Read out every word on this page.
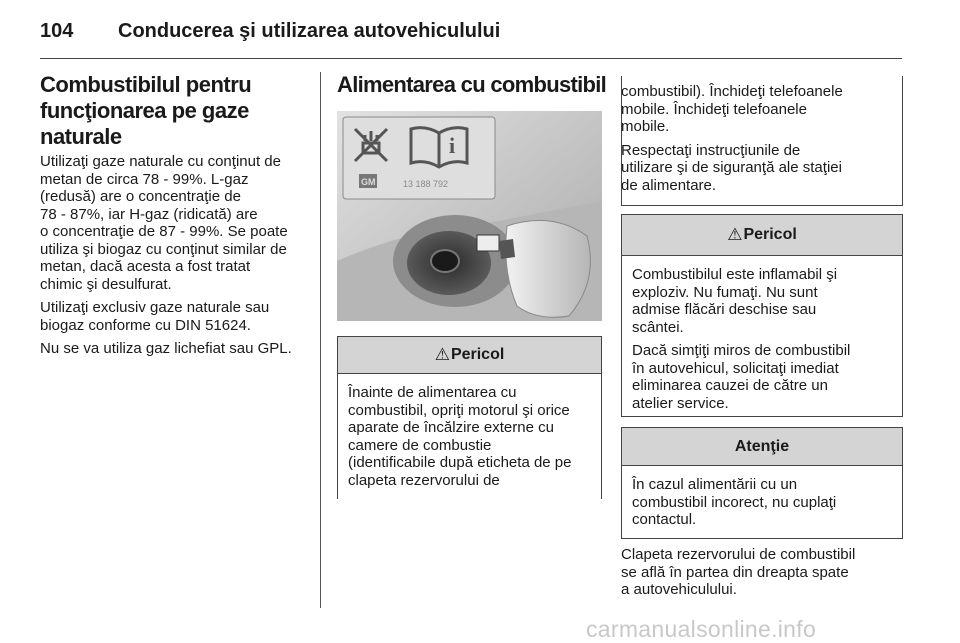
104 Conducerea şi utilizarea autovehiculului
Combustibilul pentru funcţionarea pe gaze naturale
Utilizaţi gaze naturale cu conţinut de
metan de circa 78 - 99%. L-gaz
(redusă) are o concentraţie de
78 - 87%, iar H-gaz (ridicată) are
o concentraţie de 87 - 99%. Se poate
utiliza şi biogaz cu conţinut similar de
metan, dacă acesta a fost tratat
chimic şi desulfurat.
Utilizaţi exclusiv gaze naturale sau
biogaz conforme cu DIN 51624.
Nu se va utiliza gaz lichefiat sau GPL.
Alimentarea cu combustibil
i
GM	13 188 792
⚠ Pericol
Înainte de alimentarea cu
combustibil, opriţi motorul şi orice
aparate de încălzire externe cu
camere de combustie
(identificabile după eticheta de pe
clapeta rezervorului de
combustibil). Închideţi telefoanele
mobile. Închideţi telefoanele
mobile.
Respectaţi instrucţiunile de
utilizare şi de siguranţă ale staţiei
de alimentare.
⚠ Pericol
Combustibilul este inflamabil şi
exploziv. Nu fumaţi. Nu sunt
admise flăcări deschise sau
scântei.
Dacă simţiţi miros de combustibil
în autovehicul, solicitaţi imediat
eliminarea cauzei de către un
atelier service.
Atenţie
În cazul alimentării cu un
combustibil incorect, nu cuplaţi
contactul.
Clapeta rezervorului de combustibil
se află în partea din dreapta spate
a autovehiculului.
carmanualsonline.info
